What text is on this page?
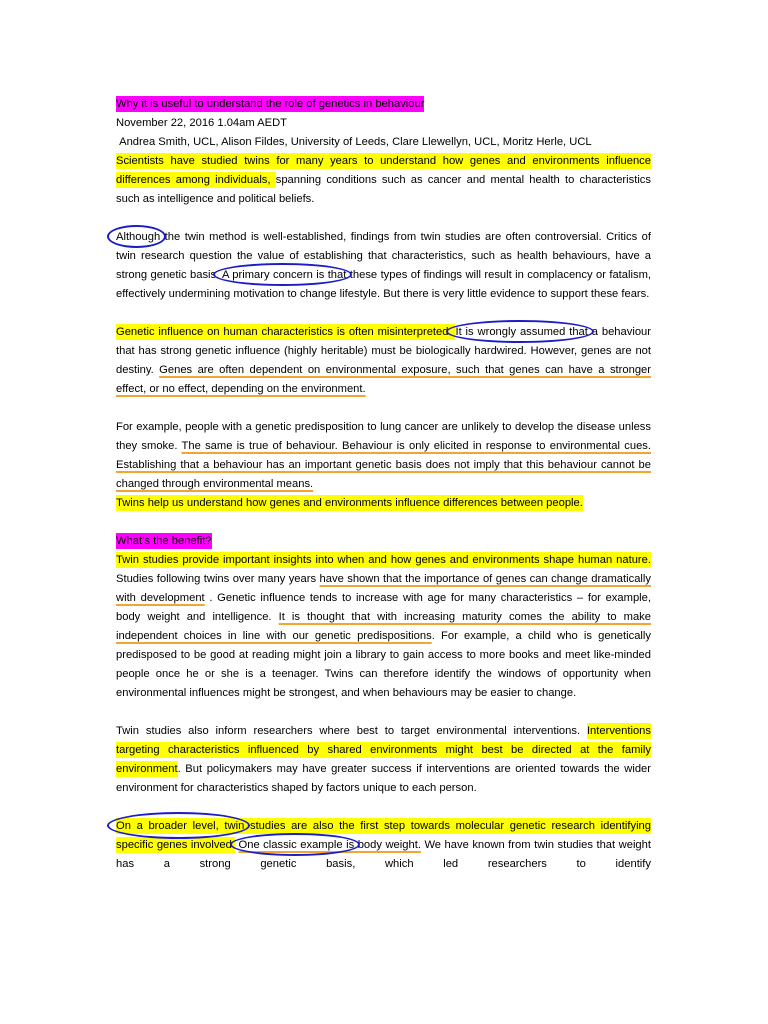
Why it is useful to understand the role of genetics in behaviour

November 22, 2016 1.04am AEDT

Andrea Smith, UCL, Alison Fildes, University of Leeds, Clare Llewellyn, UCL, Moritz Herle, UCL

Scientists have studied twins for many years to understand how genes and environments influence differences among individuals, spanning conditions such as cancer and mental health to characteristics such as intelligence and political beliefs.

Although the twin method is well-established, findings from twin studies are often controversial. Critics of twin research question the value of establishing that characteristics, such as health behaviours, have a strong genetic basis. A primary concern is that these types of findings will result in complacency or fatalism, effectively undermining motivation to change lifestyle. But there is very little evidence to support these fears.

Genetic influence on human characteristics is often misinterpreted. It is wrongly assumed that a behaviour that has strong genetic influence (highly heritable) must be biologically hardwired. However, genes are not destiny. Genes are often dependent on environmental exposure, such that genes can have a stronger effect, or no effect, depending on the environment.

For example, people with a genetic predisposition to lung cancer are unlikely to develop the disease unless they smoke. The same is true of behaviour. Behaviour is only elicited in response to environmental cues. Establishing that a behaviour has an important genetic basis does not imply that this behaviour cannot be changed through environmental means.

Twins help us understand how genes and environments influence differences between people.

What’s the benefit?

Twin studies provide important insights into when and how genes and environments shape human nature. Studies following twins over many years have shown that the importance of genes can change dramatically with development . Genetic influence tends to increase with age for many characteristics – for example, body weight and intelligence. It is thought that with increasing maturity comes the ability to make independent choices in line with our genetic predispositions. For example, a child who is genetically predisposed to be good at reading might join a library to gain access to more books and meet like-minded people once he or she is a teenager. Twins can therefore identify the windows of opportunity when environmental influences might be strongest, and when behaviours may be easier to change.

Twin studies also inform researchers where best to target environmental interventions. Interventions targeting characteristics influenced by shared environments might best be directed at the family environment. But policymakers may have greater success if interventions are oriented towards the wider environment for characteristics shaped by factors unique to each person.

On a broader level, twin studies are also the first step towards molecular genetic research identifying specific genes involved. One classic example is body weight. We have known from twin studies that weight has a strong genetic basis, which led researchers to identify
